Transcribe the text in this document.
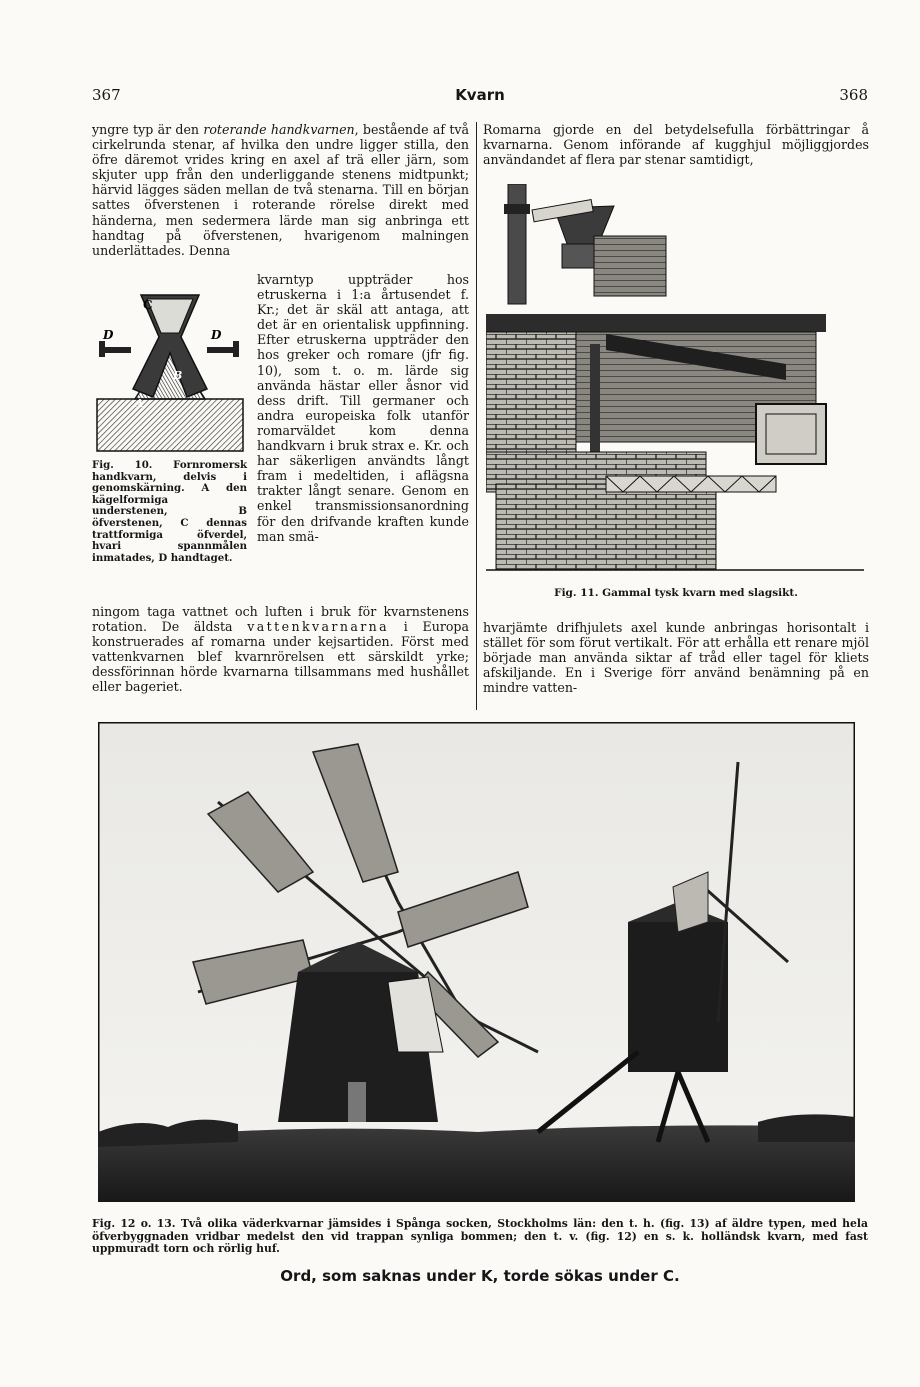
367	Kvarn	368

yngre typ är den roterande handkvarnen, bestående af två cirkelrunda stenar, af hvilka den undre ligger stilla, den öfre däremot vrides kring en axel af trä eller järn, som skjuter upp från den underliggande stenens midtpunkt; härvid lägges säden mellan de två stenarna. Till en början sattes öfverstenen i roterande rörelse direkt med händerna, men sedermera lärde man sig anbringa ett handtag på öfverstenen, hvarigenom malningen underlättades. Denna

C
D	D
B
A
Fig. 10. Fornromersk handkvarn, delvis i genomskärning. A den kägelformiga understenen, B öfverstenen, C dennas trattformiga öfverdel, hvari spannmålen inmatades, D handtaget.
kvarntyp uppträder hos etruskerna i 1:a årtusendet f. Kr.; det är skäl att antaga, att det är en orientalisk uppfinning. Efter etruskerna uppträder den hos greker och romare (jfr fig. 10), som t. o. m. lärde sig använda hästar eller åsnor vid dess drift. Till germaner och andra europeiska folk utanför romarväldet kom denna handkvarn i bruk strax e. Kr. och har säkerligen användts långt fram i medeltiden, i aflägsna trakter långt senare. Genom en enkel transmissionsanordning för den drifvande kraften kunde man smä-

ningom taga vattnet och luften i bruk för kvarnstenens rotation. De äldsta vattenkvarnarna i Europa konstruerades af romarna under kejsartiden. Först med vattenkvarnen blef kvarnrörelsen ett särskildt yrke; dessförinnan hörde kvarnarna tillsammans med hushållet eller bageriet.

Romarna gjorde en del betydelsefulla förbättringar å kvarnarna. Genom införande af kugghjul möjliggjordes användandet af flera par stenar samtidigt,
Fig. 11. Gammal tysk kvarn med slagsikt.
hvarjämte drifhjulets axel kunde anbringas horisontalt i stället för som förut vertikalt. För att erhålla ett renare mjöl började man använda siktar af tråd eller tagel för kliets afskiljande. En i Sverige förr använd benämning på en mindre vatten-
Fig. 12 o. 13. Två olika väderkvarnar jämsides i Spånga socken, Stockholms län: den t. h. (fig. 13) af äldre typen, med hela öfverbyggnaden vridbar medelst den vid trappan synliga bommen; den t. v. (fig. 12) en s. k. holländsk kvarn, med fast uppmuradt torn och rörlig huf.
Ord, som saknas under K, torde sökas under C.
